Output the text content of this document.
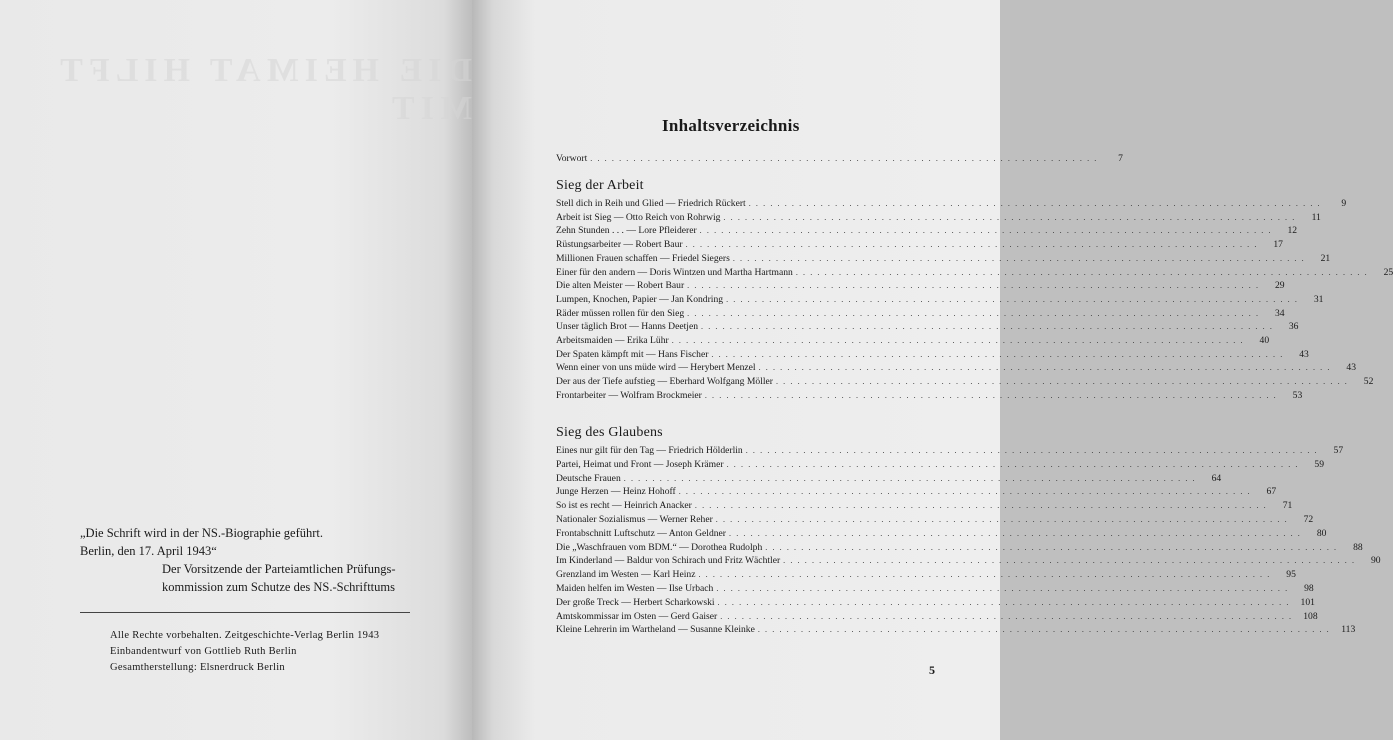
DIE HEIMAT HILFT MIT
„Die Schrift wird in der NS.-Biographie geführt.
Berlin, den 17. April 1943“
Der Vorsitzende der Parteiamtlichen Prüfungs-
kommission zum Schutze des NS.-Schrifttums
Alle Rechte vorbehalten. Zeitgeschichte-Verlag Berlin 1943
Einbandentwurf von Gottlieb Ruth Berlin
Gesamtherstellung: Elsnerdruck Berlin
Inhaltsverzeichnis
Vorwort . . . . . . . . . . . . . . . . . . . . . . . . . . . . . . . . . . . . . . . . . . . . . . . . . . . . . . . . . . . . . . . . . . . . . . .	7
Sieg der Arbeit
Stell dich in Reih und Glied — Friedrich Rückert . . . . . . . . . . . . . . . . . . . . . . . . . . . . . . . . . . . . . . . . . . . . . . . . . . . . . . . . . . . . . . . . . . . . . . . . . . . . . . . .	9
Arbeit ist Sieg — Otto Reich von Rohrwig . . . . . . . . . . . . . . . . . . . . . . . . . . . . . . . . . . . . . . . . . . . . . . . . . . . . . . . . . . . . . . . . . . . . . . . . . . . . . . . .	11
Zehn Stunden . . . — Lore Pfleiderer . . . . . . . . . . . . . . . . . . . . . . . . . . . . . . . . . . . . . . . . . . . . . . . . . . . . . . . . . . . . . . . . . . . . . . . . . . . . . . . .	12
Rüstungsarbeiter — Robert Baur . . . . . . . . . . . . . . . . . . . . . . . . . . . . . . . . . . . . . . . . . . . . . . . . . . . . . . . . . . . . . . . . . . . . . . . . . . . . . . . .	17
Millionen Frauen schaffen — Friedel Siegers . . . . . . . . . . . . . . . . . . . . . . . . . . . . . . . . . . . . . . . . . . . . . . . . . . . . . . . . . . . . . . . . . . . . . . . . . . . . . . . .	21
Einer für den andern — Doris Wintzen und Martha Hartmann . . . . . . . . . . . . . . . . . . . . . . . . . . . . . . . . . . . . . . . . . . . . . . . . . . . . . . . . . . . . . . . . . . . . . . . . . . . . . . . .	25
Die alten Meister — Robert Baur . . . . . . . . . . . . . . . . . . . . . . . . . . . . . . . . . . . . . . . . . . . . . . . . . . . . . . . . . . . . . . . . . . . . . . . . . . . . . . . .	29
Lumpen, Knochen, Papier — Jan Kondring . . . . . . . . . . . . . . . . . . . . . . . . . . . . . . . . . . . . . . . . . . . . . . . . . . . . . . . . . . . . . . . . . . . . . . . . . . . . . . . .	31
Räder müssen rollen für den Sieg . . . . . . . . . . . . . . . . . . . . . . . . . . . . . . . . . . . . . . . . . . . . . . . . . . . . . . . . . . . . . . . . . . . . . . . . . . . . . . . .	34
Unser täglich Brot — Hanns Deetjen . . . . . . . . . . . . . . . . . . . . . . . . . . . . . . . . . . . . . . . . . . . . . . . . . . . . . . . . . . . . . . . . . . . . . . . . . . . . . . . .	36
Arbeitsmaiden — Erika Lühr . . . . . . . . . . . . . . . . . . . . . . . . . . . . . . . . . . . . . . . . . . . . . . . . . . . . . . . . . . . . . . . . . . . . . . . . . . . . . . . .	40
Der Spaten kämpft mit — Hans Fischer . . . . . . . . . . . . . . . . . . . . . . . . . . . . . . . . . . . . . . . . . . . . . . . . . . . . . . . . . . . . . . . . . . . . . . . . . . . . . . . .	43
Wenn einer von uns müde wird — Herybert Menzel . . . . . . . . . . . . . . . . . . . . . . . . . . . . . . . . . . . . . . . . . . . . . . . . . . . . . . . . . . . . . . . . . . . . . . . . . . . . . . . .	43
Der aus der Tiefe aufstieg — Eberhard Wolfgang Möller . . . . . . . . . . . . . . . . . . . . . . . . . . . . . . . . . . . . . . . . . . . . . . . . . . . . . . . . . . . . . . . . . . . . . . . . . . . . . . . .	52
Frontarbeiter — Wolfram Brockmeier . . . . . . . . . . . . . . . . . . . . . . . . . . . . . . . . . . . . . . . . . . . . . . . . . . . . . . . . . . . . . . . . . . . . . . . . . . . . . . . .	53
Sieg des Glaubens
Eines nur gilt für den Tag — Friedrich Hölderlin . . . . . . . . . . . . . . . . . . . . . . . . . . . . . . . . . . . . . . . . . . . . . . . . . . . . . . . . . . . . . . . . . . . . . . . . . . . . . . . .	57
Partei, Heimat und Front — Joseph Krämer . . . . . . . . . . . . . . . . . . . . . . . . . . . . . . . . . . . . . . . . . . . . . . . . . . . . . . . . . . . . . . . . . . . . . . . . . . . . . . . .	59
Deutsche Frauen . . . . . . . . . . . . . . . . . . . . . . . . . . . . . . . . . . . . . . . . . . . . . . . . . . . . . . . . . . . . . . . . . . . . . . . . . . . . . . . .	64
Junge Herzen — Heinz Hohoff . . . . . . . . . . . . . . . . . . . . . . . . . . . . . . . . . . . . . . . . . . . . . . . . . . . . . . . . . . . . . . . . . . . . . . . . . . . . . . . .	67
So ist es recht — Heinrich Anacker . . . . . . . . . . . . . . . . . . . . . . . . . . . . . . . . . . . . . . . . . . . . . . . . . . . . . . . . . . . . . . . . . . . . . . . . . . . . . . . .	71
Nationaler Sozialismus — Werner Reher . . . . . . . . . . . . . . . . . . . . . . . . . . . . . . . . . . . . . . . . . . . . . . . . . . . . . . . . . . . . . . . . . . . . . . . . . . . . . . . .	72
Frontabschnitt Luftschutz — Anton Geldner . . . . . . . . . . . . . . . . . . . . . . . . . . . . . . . . . . . . . . . . . . . . . . . . . . . . . . . . . . . . . . . . . . . . . . . . . . . . . . . .	80
Die „Waschfrauen vom BDM.“ — Dorothea Rudolph . . . . . . . . . . . . . . . . . . . . . . . . . . . . . . . . . . . . . . . . . . . . . . . . . . . . . . . . . . . . . . . . . . . . . . . . . . . . . . . .	88
Im Kinderland — Baldur von Schirach und Fritz Wächtler . . . . . . . . . . . . . . . . . . . . . . . . . . . . . . . . . . . . . . . . . . . . . . . . . . . . . . . . . . . . . . . . . . . . . . . . . . . . . . . .	90
Grenzland im Westen — Karl Heinz . . . . . . . . . . . . . . . . . . . . . . . . . . . . . . . . . . . . . . . . . . . . . . . . . . . . . . . . . . . . . . . . . . . . . . . . . . . . . . . .	95
Maiden helfen im Westen — Ilse Urbach . . . . . . . . . . . . . . . . . . . . . . . . . . . . . . . . . . . . . . . . . . . . . . . . . . . . . . . . . . . . . . . . . . . . . . . . . . . . . . . .	98
Der große Treck — Herbert Scharkowski . . . . . . . . . . . . . . . . . . . . . . . . . . . . . . . . . . . . . . . . . . . . . . . . . . . . . . . . . . . . . . . . . . . . . . . . . . . . . . . .	101
Amtskommissar im Osten — Gerd Gaiser . . . . . . . . . . . . . . . . . . . . . . . . . . . . . . . . . . . . . . . . . . . . . . . . . . . . . . . . . . . . . . . . . . . . . . . . . . . . . . . .	108
Kleine Lehrerin im Wartheland — Susanne Kleinke . . . . . . . . . . . . . . . . . . . . . . . . . . . . . . . . . . . . . . . . . . . . . . . . . . . . . . . . . . . . . . . . . . . . . . . . . . . . . . . .	113
5
